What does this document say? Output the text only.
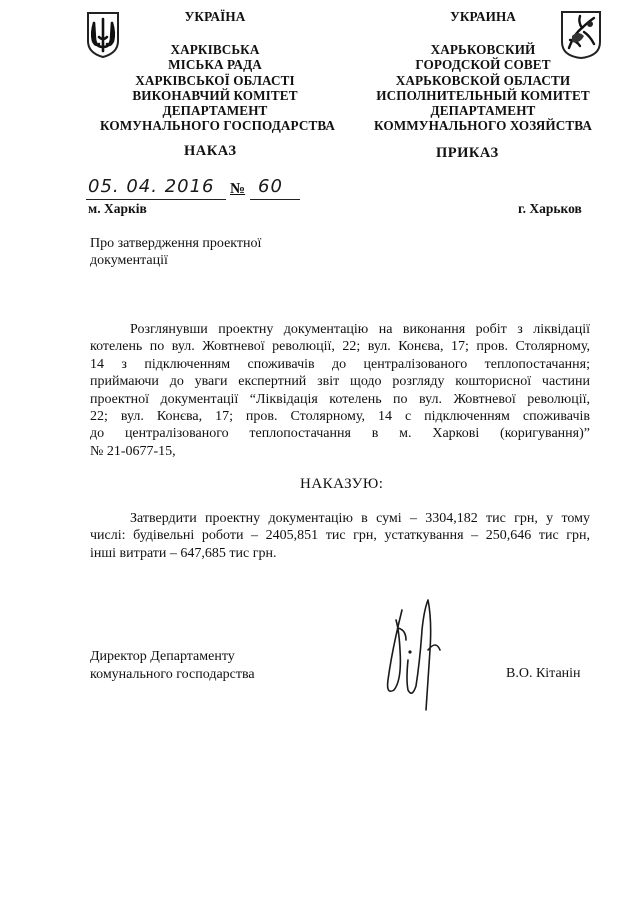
УКРАЇНА
ХАРКІВСЬКА
МІСЬКА РАДА
ХАРКІВСЬКОЇ ОБЛАСТІ
ВИКОНАВЧИЙ КОМІТЕТ
ДЕПАРТАМЕНТ
КОМУНАЛЬНОГО ГОСПОДАРСТВА
УКРАИНА
ХАРЬКОВСКИЙ
ГОРОДСКОЙ СОВЕТ
ХАРЬКОВСКОЙ ОБЛАСТИ
ИСПОЛНИТЕЛЬНЫЙ КОМИТЕТ
ДЕПАРТАМЕНТ
КОММУНАЛЬНОГО ХОЗЯЙСТВА
НАКАЗ	ПРИКАЗ
05. 04. 2016 № 60
м. Харків	г. Харьков
Про затвердження проектної
документації
Розглянувши проектну документацію на виконання робіт з ліквідації
котелень по вул. Жовтневої революції, 22; вул. Конєва, 17; пров. Столярному,
14 з підключенням споживачів до централізованого теплопостачання;
приймаючи до уваги експертний звіт щодо розгляду кошторисної частини
проектної документації “Ліквідація котелень по вул. Жовтневої революції,
22; вул. Конєва, 17; пров. Столярному, 14 с підключенням споживачів
до централізованого теплопостачання в м. Харкові (коригування)”
№ 21-0677-15,
НАКАЗУЮ:
Затвердити проектну документацію в сумі – 3304,182 тис грн, у тому
числі: будівельні роботи – 2405,851 тис грн, устаткування – 250,646 тис грн,
інші витрати – 647,685 тис грн.
Директор Департаменту
комунального господарства	В.О. Кітанін
